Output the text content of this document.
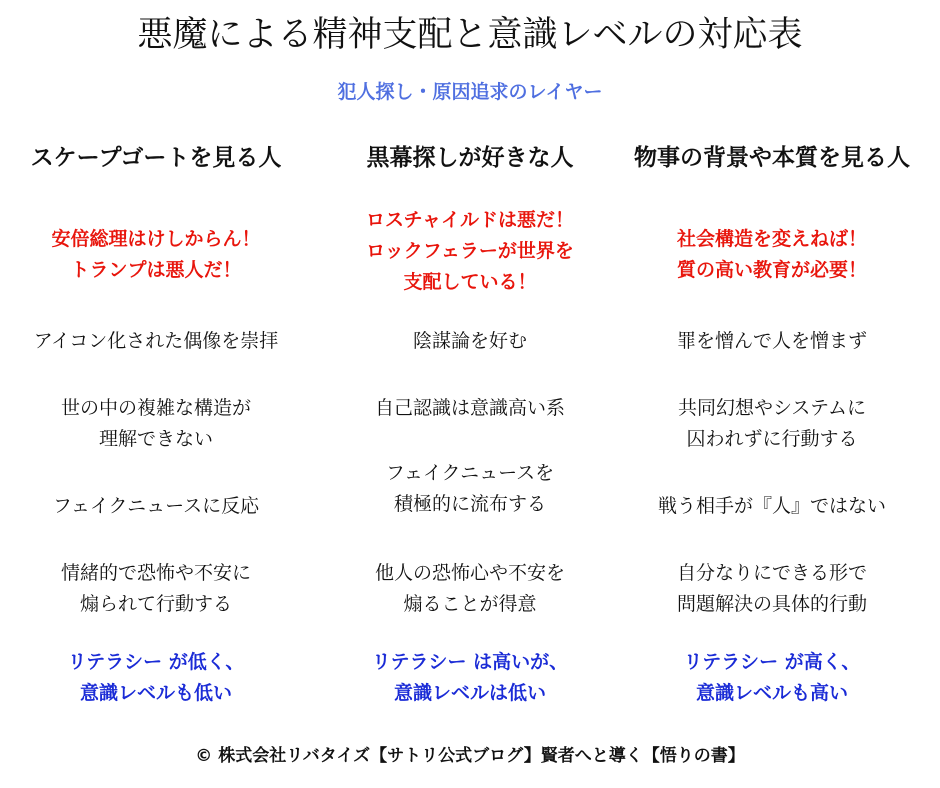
悪魔による精神支配と意識レベルの対応表
犯人探し・原因追求のレイヤー
スケープゴートを見る人
安倍総理はけしからん！
トランプは悪人だ！
アイコン化された偶像を崇拝
世の中の複雑な構造が
理解できない
フェイクニュースに反応
情緒的で恐怖や不安に
煽られて行動する
リテラシー が低く、
意識レベルも低い
黒幕探しが好きな人
ロスチャイルドは悪だ！
ロックフェラーが世界を
支配している！
陰謀論を好む
自己認識は意識高い系
フェイクニュースを
積極的に流布する
他人の恐怖心や不安を
煽ることが得意
リテラシー は高いが、
意識レベルは低い
物事の背景や本質を見る人
社会構造を変えねば！
質の高い教育が必要！
罪を憎んで人を憎まず
共同幻想やシステムに
囚われずに行動する
戦う相手が『人』ではない
自分なりにできる形で
問題解決の具体的行動
リテラシー が高く、
意識レベルも高い
© 株式会社リバタイズ【サトリ公式ブログ】賢者へと導く【悟りの書】
